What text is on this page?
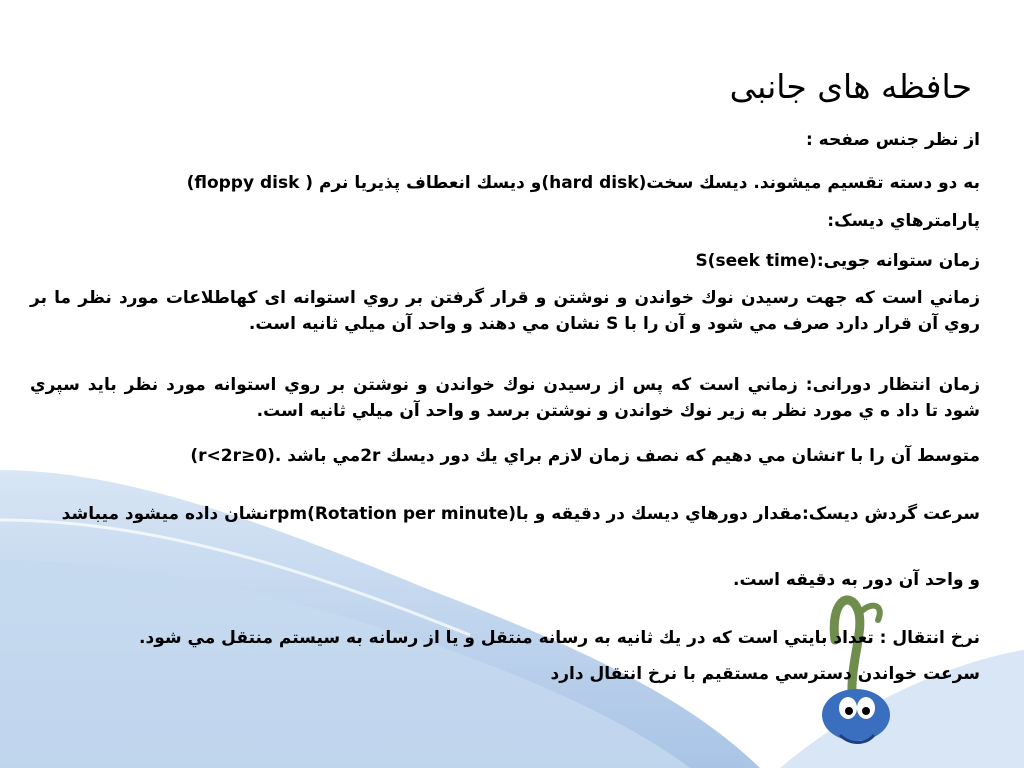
حافظه های جانبی
از نظر جنس صفحه :
به دو دسته تقسيم ميشوند. ديسك سخت(hard disk)و ديسك انعطاف پذيريا نرم ( floppy disk)
پارامترهاي ديسک:
زمان ستوانه جويی:S(seek time)
زماني است كه جهت رسيدن نوك خواندن و نوشتن و قرار گرفتن بر روي استوانه ای كهاطلاعات مورد نظر ما بر روي آن قرار دارد صرف مي شود و آن را با S نشان مي دهند و واحد آن ميلي ثانيه است.
زمان انتظار دورانی: زماني است كه پس از رسيدن نوك خواندن و نوشتن بر روي استوانه مورد نظر بايد سپري شود تا داد ه ي مورد نظر به زير نوك خواندن و نوشتن برسد و واحد آن ميلي ثانيه است.
متوسط آن را با rنشان مي دهيم كه نصف زمان لازم براي يك دور ديسك 2rمي باشد .(0≤r<2r)
سرعت گردش ديسک:مقدار دورهاي ديسك در دقيقه و با(Rotation per minute)rpmنشان داده ميشود ميباشد
و واحد آن دور به دقيقه است.
نرخ انتقال : تعداد بايتي است كه در يك ثانيه به رسانه منتقل و يا از رسانه به سيستم منتقل مي شود.
سرعت خواندن دسترسي مستقيم با نرخ انتقال دارد
